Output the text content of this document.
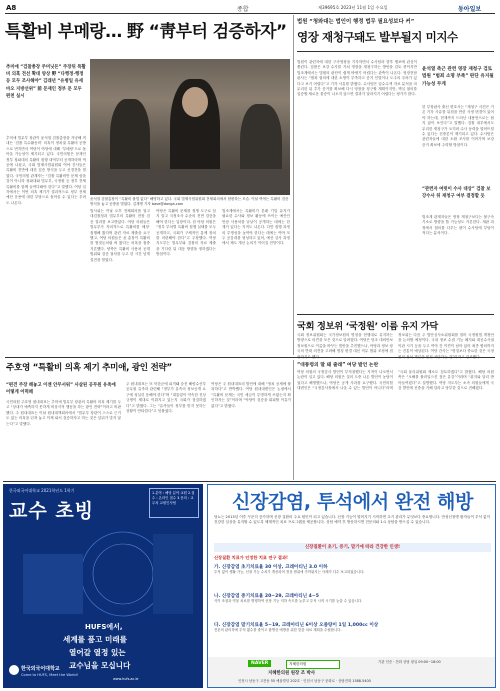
A8	종합	제39695호 2023년 11월 1일 수요일	동아일보
특활비 부메랑… 野 “靑부터 검증하자”
추미애 “검찰총장 주머닛돈” 주장뒤 특활비 의혹 전선 확대 양상 野 “다행정·행정 등 모두 조사해야” 김래년 “유병일 유세마오 지방선위” 前 문재인 정부 문 모두 편천 실시
추미애 법무부 장관이 윤석열 검찰총장을 겨냥해 꺼내든 ‘검찰 특수활동비’ 의혹이 정치권 특활비 공방으로 번지면서 여당이 야당에 대해 ‘부메랑’으로 돌아올 가능성이 제기되고 있다. 국민의힘은 문재인 정부 청와대의 특활비 집행 내역부터 공개하라며 역공에 나섰고, 국회 법제사법위원회 여야 간사들은 특활비 전반에 대한 검증 방식을 두고 신경전을 벌였다. 국민의힘 관계자는 “검찰 특활비만 문제 삼을 것이 아니라 청와대와 법무부, 국정원 등 정부 전체 특활비를 함께 들여다봐야 한다”고 말했다. 여당 일각에서는 이번 의혹 제기가 결과적으로 정부 전체 예산 운용에 대한 부담으로 돌아올 수 있다는 우려도 나온다.
윤석열 검찰총장이 “특활비 불법 없다” 해명하고 있다. 국회 법제사법위원회 전체회의에서 답변하는 모습. 이날 여야는 특활비 검증 방식을 놓고 공방을 벌였다. 김재명 기자 base@donga.com
법사위는 이날 오후 전체회의를 열고 대검찰청과 법무부의 특활비 현장 검증 결과를 보고받았다. 야당 의원들은 법무부가 자의적으로 특활비를 배정·집행해 왔다며 관련 자료 제출을 요구했고, 여당 의원들은 윤 총장이 특활비를 쌈짓돈처럼 써 왔다는 의혹을 집중 거론했다. 양측은 특활비 사용처 공개 범위와 검증 절차를 두고 한 시간 넘게 설전을 벌였다.
야당은 특활비 문제를 정쟁 도구로 삼지 말고 국정조사 수준의 전면 검증을 해야 한다는 입장이다. 한 야당 의원은 “정부 부처별 특활비 집행 실태를 모두 공개하고, 국회가 구체적인 통제 장치를 마련해야 한다”고 주장했다. 여당 지도부는 법무부와 검찰의 자료 제출을 기다린 뒤 대응 방향을 정하겠다는 방침이다.
법조계에서는 특활비가 본래 기밀 유지가 필요한 수사와 정보 활동에 쓰이는 예산인 만큼 사용처를 낱낱이 공개하는 데에는 한계가 있다는 지적도 나온다. 다만 집행 과정의 투명성을 높여야 한다는 데에는 여야 모두 공감대를 형성하고 있어, 예산 심사 과정에서 제도 개선 논의가 이어질 전망이다.
법원 “청와대는 법인이 행정 법무 필요성보다 커”
영장 재청구돼도 발부될지 미지수
법원이 관련자에 대한 구속영장을 기각하면서 수사팀의 향후 행보에 관심이 쏠린다. 검찰은 보강 수사를 거쳐 영장을 재청구하는 방안을 검토 중이지만 법조계에서는 법원의 판단이 쉽게 바뀌기 어렵다는 관측이 나온다. 영장전담 판사는 “범죄 혐의에 대한 소명이 부족하고 증거 인멸이나 도주의 우려가 있다고 보기 어렵다”고 기각 사유를 밝혔다. 수사팀은 압수수색 자료 분석을 마무리한 뒤 추가 증거를 확보해 다시 영장을 청구할 계획이지만, 핵심 혐의를 입증할 새로운 물증이 나오지 않으면 결과가 달라지기 어렵다는 평가가 많다.
윤석열 측근 관련 영장 재청구 검토 법원 “범죄 소명 부족” 판단 유지될 가능성 무게
한 부장판사 출신 변호사는 “재청구 사건은 기존 기각 사유를 뒤집을 만한 사정 변경이 있어야 하는데, 현재까지 드러난 내용만으로는 쉽지 않아 보인다”고 말했다. 검찰 내부에서도 무리한 재청구가 오히려 수사 동력을 떨어뜨릴 수 있다는 신중론이 제기되고 있다. 수사팀은 관련자들에 대한 소환 조사를 이어가며 보강 증거 확보에 주력할 방침이다.
“관련자 여럿이 수사 대상” 검찰 보강수사 뒤 재청구 여부 결정할 듯
법조계 관계자들은 영장 재청구보다는 불구속 기소로 방향을 틀 가능성도 거론한다. 재판 과정에서 혐의를 다투는 편이 수사팀에 부담이 적다는 분석이다.
국회 정보위 ‘국정원’ 이름 유지 가닥
국회 정보위원회는 국가정보원의 명칭을 현행대로 유지하는 방향으로 의견을 모은 것으로 알려졌다. 여당은 당초 대외안보정보원으로 이름을 바꾸는 법안을 추진했으나, 야당과 정보 당국의 반대 의견을 고려해 명칭 변경 대신 직무 범위 조정에 집
정보위는 다음 주 법안심사소위원회를 열어 국정원법 개정안을 논의할 예정이다. 국내 정보 수집 기능 폐지와 대공수사권 이관 시기 등을 두고 여야 간 이견이 남아 있어 최종 합의까지는 진통이 예상된다. 여당 간사는 “명칭보다 중요한 것은 국정
주호영 “특활비 의혹 제기 추미애, 광인 전략”
“편견 주장 해놓고 이젠 안무서워” 사살된 공무원 유족에 어떻게 어떡해
국민의힘 주호영 원내대표는 추미애 법무부 장관의 특활비 의혹 제기를 두고 “상대가 예측하지 못하게 비상식적 행동을 하는 광인 전략”이라고 비판했다. 주 원내대표는 이날 원내대책회의에서 “법무부 장관이 스스로 근거도 없는 의혹을 던져 놓고 이제 와서 검증하자고 하는 것은 앞뒤가 맞지 않는다”고 말했다.
주 원내대표는 또 북한군에 피격돼 숨진 해양수산부 공무원 유족과 관련해 “정부가 유족의 정보공개 요구에 성실히 응해야 한다”며 “대통령이 약속한 진상 규명이 제대로 이뤄지고 있는지 국회가 점검하겠다”고 밝혔다. 그는 “유족들이 정부를 믿지 못하는 상황이 안타깝다”고 덧붙였다.
여당은 주 원내대표의 발언에 대해 “정치 공세에 불과하다”고 반박했다. 여당 원내대변인은 논평에서 “특활비 문제는 국민 세금이 투명하게 쓰였는지 확인하자는 것”이라며 “야당이 검증을 회피할 이유가 없다”고 밝혔다.
“대통령의 딸 돼 줄래” 여당 발언 논란
여당 의원의 국정감사 발언이 부적절했다는 지적이 나오면서 논란이 일고 있다. 해당 의원은 질의 도중 나온 발언이 농담이었다고 해명했으나, 야당은 공개 사과를 요구했다. 국민의힘 대변인은 “국정감사장에서 나올 수 있는 발언이 아니다”라며 “국회 윤리위원회 제소도 검토하겠다”고 밝혔다. 해당 의원 측은 “오해를 불러일으킨 점은 유감”이라며 “취지와 달리 받아들여졌다”고 설명했다. 여당 지도부는 소속 의원들에게 국감 발언에 신중을 기해 달라고 당부한 것으로 전해졌다.
한국외국어대학교 2021학년도 1학기
교수 초빙
1.분야 : 해당 분야 교원 2.접수 : 온라인 접수 3.문의 : 교무처 교원인사팀
HUFS에서,
세계를 품고 미래를
열어갈 열정 있는
교수님을 모십니다
한국외국어대학교
Come to HUFS, Meet the World!
www.hufs.ac.kr
신장감염, 투석에서 완전 해방
당뇨는 2013년 이후 꾸준히 증가하며 신장 질환의 주요 원인이 되고 있습니다. 신장 기능이 떨어지기 시작하면 초기 관리가 무엇보다 중요합니다. 만성신장병 환자들이 투석 없이 건강한 일상을 유지할 수 있도록 체계적인 치료 프로그램을 제공합니다. 상담 예약 후 방문하시면 전문의와 1:1 상담을 받으실 수 있습니다.
신장질환이 초기, 중기, 말기에 따라 건강한 인생!
신장질환 치료가 인정한 치료 연구 결과!
가. 신장감염 초기치료율 30 이상, 크레아티닌 3.0 이하
투석 없이 생활 가능, 신장 기능 수치가 개선되어 정상 범위에 가까워지는 사례가 다수 보고되었습니다.
나. 신장감염 중기치료율 20~29, 크레아티닌 4~5
식이 조절과 약물 치료를 병행하여 신장 기능 저하 속도를 늦추고 투석 시작 시기를 늦출 수 있습니다.
다. 신장감염 말기치료율 5~19, 크레아티닌 6이상 오줌량이 1일 1,000cc 이상
전문의 관리하에 투석 횟수를 줄이고 합병증 예방을 위한 맞춤 치료 계획을 수립합니다.
NAVER	지혜한의원
지혜한의원 원장 조 박사
인천시 남동구 고잔동 55 예솔빌딩 202호 · 인천시 남동구 문화로 · 상담전화 1588-5400
기관 인증 · 전화 상담 평일 09:00~18:00
